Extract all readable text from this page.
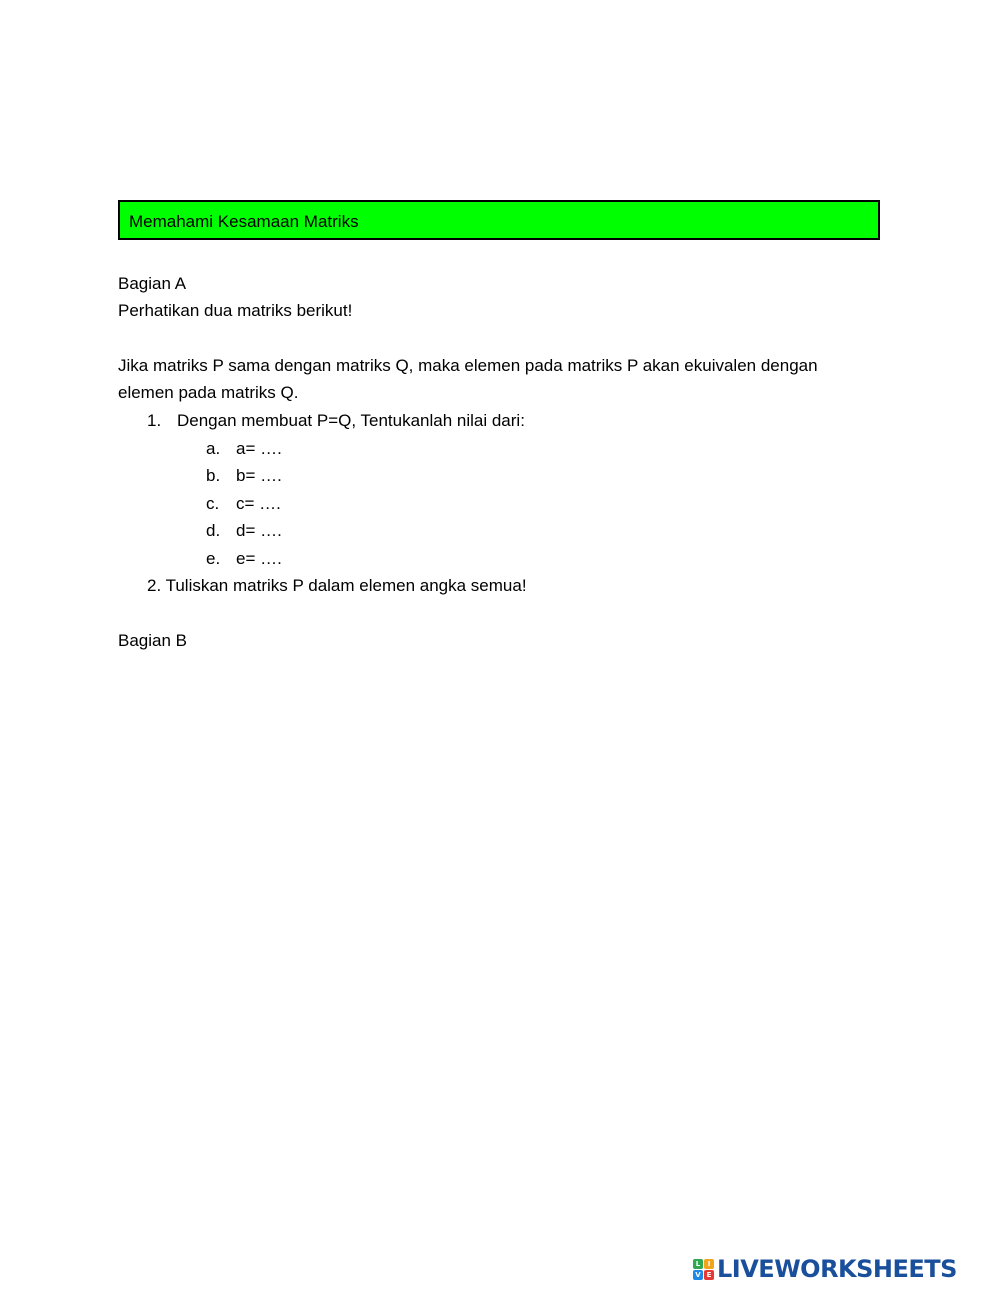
Memahami Kesamaan Matriks
Bagian A
Perhatikan dua matriks berikut!
Jika matriks P sama dengan matriks Q, maka elemen pada matriks P akan ekuivalen dengan
elemen pada matriks Q.
1. Dengan membuat P=Q, Tentukanlah nilai dari:
a. a= ….
b. b= ….
c. c= ….
d. d= ….
e. e= ….
2. Tuliskan matriks P dalam elemen angka semua!
Bagian B
L	I
V E LIVEWORKSHEETS
